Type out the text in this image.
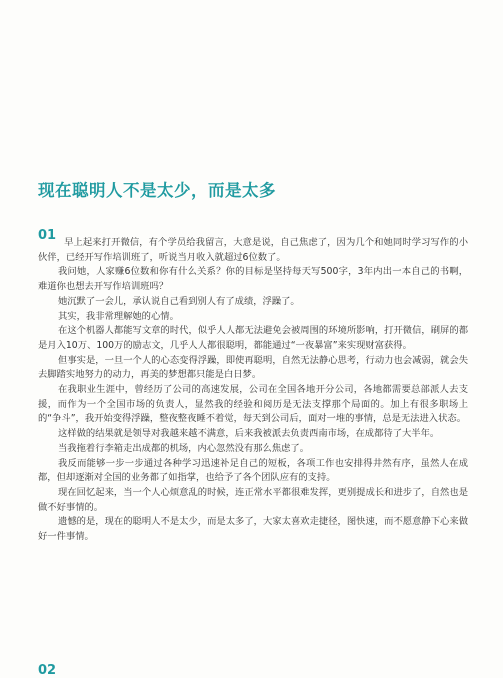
现在聪明人不是太少，而是太多
01 早上起来打开微信，有个学员给我留言，大意是说，自己焦虑了，因为几个和她同时学习写作的小伙伴，已经开写作培训班了，听说当月收入就超过6位数了。

我问她，人家赚6位数和你有什么关系？你的目标是坚持每天写500字，3年内出一本自己的书啊，难道你也想去开写作培训班吗？

她沉默了一会儿，承认说自己看到别人有了成绩，浮躁了。

其实，我非常理解她的心情。

在这个机器人都能写文章的时代，似乎人人都无法避免会被周围的环境所影响，打开微信，刷屏的都是月入10万、100万的励志文，几乎人人都很聪明，都能通过“一夜暴富”来实现财富获得。

但事实是，一旦一个人的心态变得浮躁，即使再聪明，自然无法静心思考，行动力也会减弱，就会失去脚踏实地努力的动力，再美的梦想都只能是白日梦。

在我职业生涯中，曾经历了公司的高速发展，公司在全国各地开分公司，各地都需要总部派人去支援，而作为一个全国市场的负责人，显然我的经验和阅历是无法支撑那个局面的。加上有很多职场上的“争斗”，我开始变得浮躁，整夜整夜睡不着觉，每天到公司后，面对一堆的事情，总是无法进入状态。

这样做的结果就是领导对我越来越不满意，后来我被派去负责西南市场，在成都待了大半年。

当我拖着行李箱走出成都的机场，内心忽然没有那么焦虑了。

我反而能够一步一步通过各种学习迅速补足自己的短板，各项工作也安排得井然有序，虽然人在成都，但却逐渐对全国的业务都了如指掌，也给予了各个团队应有的支持。

现在回忆起来，当一个人心烦意乱的时候，连正常水平都很难发挥，更别提成长和进步了，自然也是做不好事情的。

遗憾的是，现在的聪明人不是太少，而是太多了，大家太喜欢走捷径，图快速，而不愿意静下心来做好一件事情。

02
